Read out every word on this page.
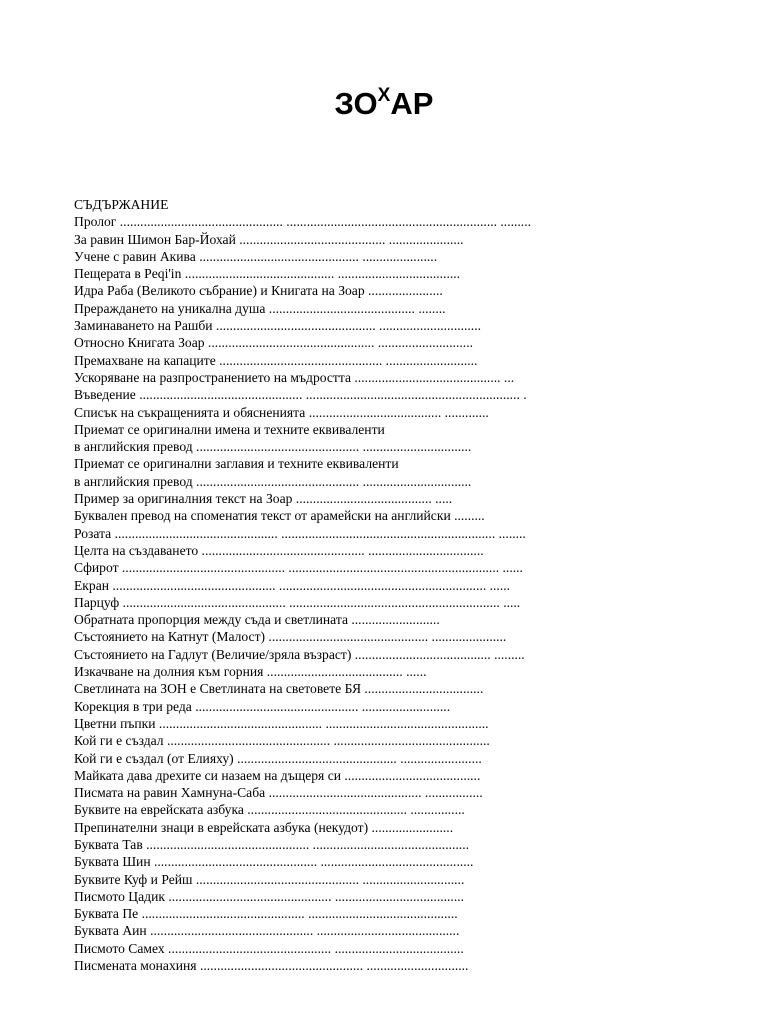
$ЗО^ХАР$
СЪДЪРЖАНИЕ
Пролог ................................................ .............................................................. .........
За равин Шимон Бар-Йохай ........................................... ......................
Учене с равин Акива ............................................... ......................
Пещерата в Peqi'in ............................................ ....................................
Идра Раба (Великото събрание) и Книгата на Зоар ......................
Прераждането на уникална душа ........................................... ........
Заминаването на Рашби ............................................... ..............................
Относно Книгата Зоар ................................................. ............................
Премахване на капаците ................................................ ...........................
Ускоряване на разпространението на мъдростта ........................................... ...
Въведение ................................................ ............................................................... .
Списък на съкращенията и обясненията ....................................... .............
Приемат се оригинални имена и техните еквиваленти
в английския превод ................................................ ................................
Приемат се оригинални заглавия и техните еквиваленти
в английския превод ................................................ ................................
Пример за оригиналния текст на Зоар ........................................ .....
Буквален превод на споменатия текст от арамейски на английски .........
Розата ................................................ ............................................................... ........
Целта на създаването ................................................ ..................................
Сфирот ................................................ .............................................................. ......
Екран ................................................ ............................................................. ......
Парцуф ................................................ .............................................................. .....
Обратната пропорция между съда и светлината ..........................
Състоянието на Катнут (Малост) ............................................... ......................
Състоянието на Гадлут (Величие/зряла възраст) ........................................ .........
Изкачване на долния към горния ........................................ ......
Светлината на ЗОН е Светлината на световете БЯ ...................................
Корекция в три реда ................................................ ..........................
Цветни пъпки ................................................ ................................................
Кой ги е създал ................................................ ..............................................
Кой ги е създал (от Елияху) ............................................... ........................
Майката дава дрехите си назаем на дъщеря си ........................................
Писмата на равин Хамнуна-Саба ............................................. .................
Буквите на еврейската азбука ............................................... ................
Препинателни знаци в еврейската азбука (некудот) ........................
Буквата Тав ................................................ ..............................................
Буквата Шин ................................................ .............................................
Буквите Куф и Рейш ................................................ ..............................
Писмото Цадик ................................................ ......................................
Буквата Пе ................................................ ............................................
Буквата Аин ................................................ ..........................................
Писмото Самех ................................................ ......................................
Писмената монахиня ................................................ ..............................
